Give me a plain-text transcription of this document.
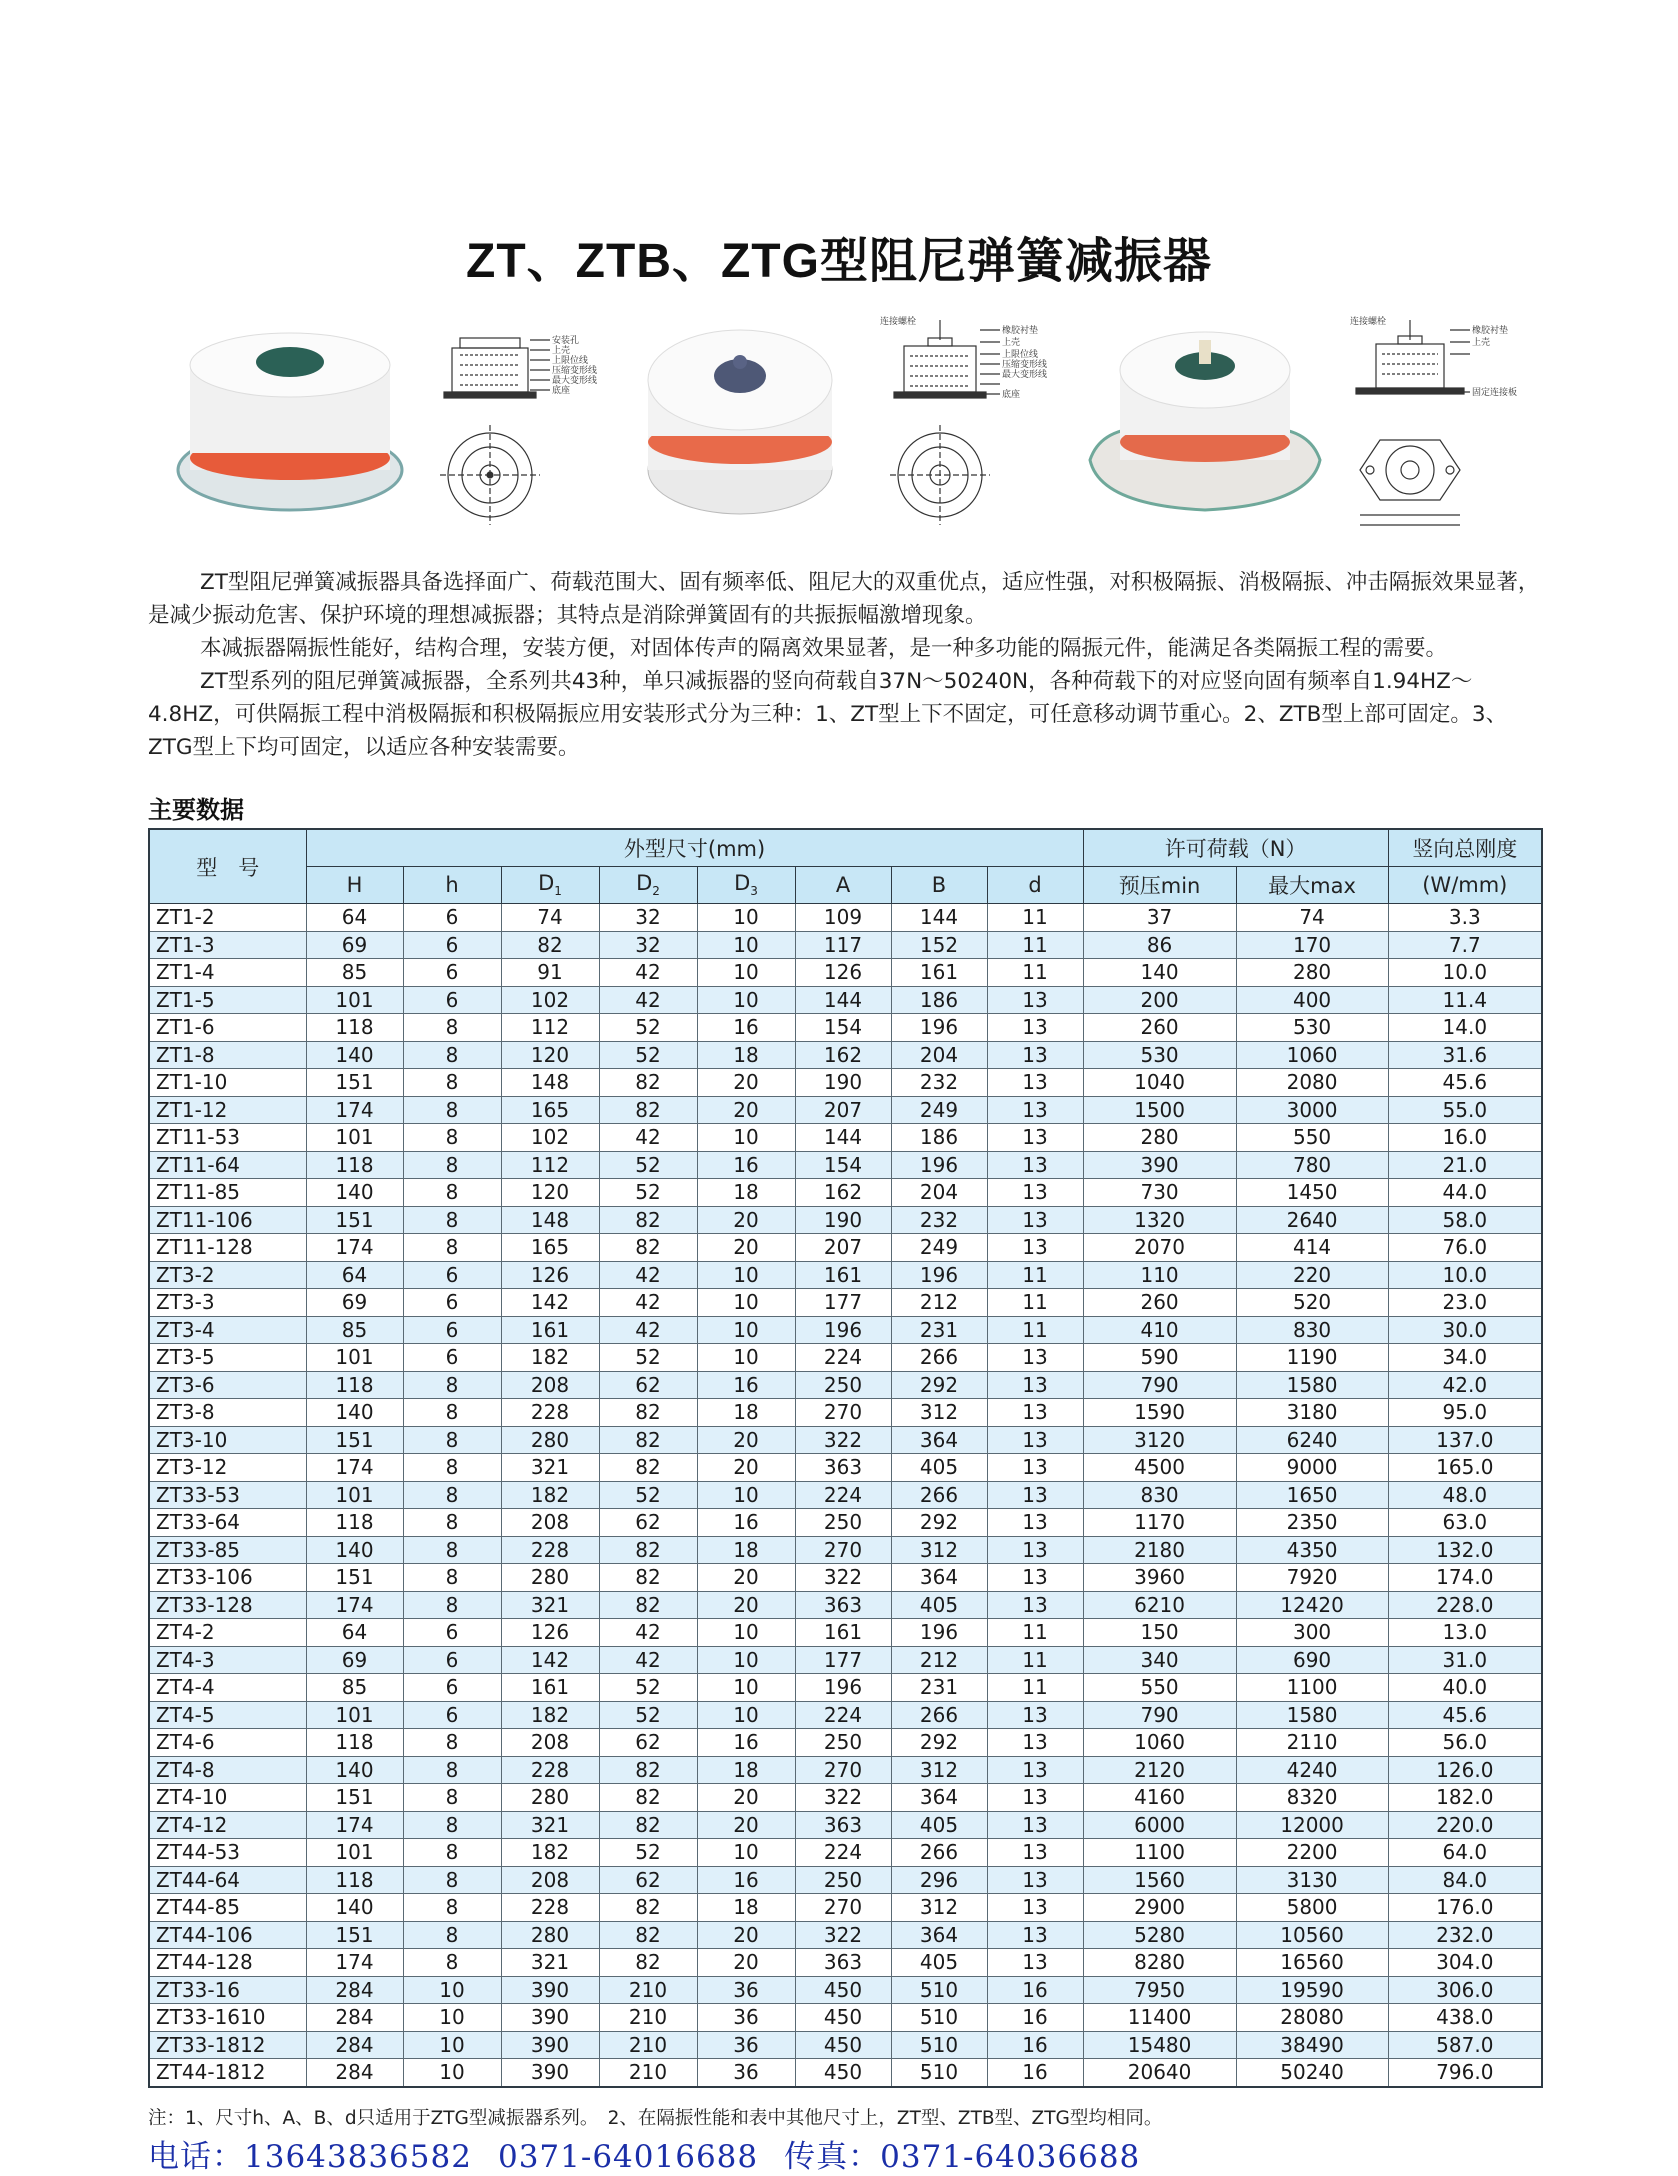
ZT、ZTB、ZTG型阻尼弹簧减振器
安装孔
上壳
上限位线
压缩变形线
最大变形线
底座
连接螺栓
橡胶衬垫
上壳
上限位线
压缩变形线
最大变形线
底座
连接螺栓
橡胶衬垫
上壳
固定连接板

ZT型阻尼弹簧减振器具备选择面广、荷载范围大、固有频率低、阻尼大的双重优点，适应性强，对积极隔振、消极隔振、冲击隔振效果显著，是减少振动危害、保护环境的理想减振器；其特点是消除弹簧固有的共振振幅激增现象。

本减振器隔振性能好，结构合理，安装方便，对固体传声的隔离效果显著，是一种多功能的隔振元件，能满足各类隔振工程的需要。

ZT型系列的阻尼弹簧减振器，全系列共43种，单只减振器的竖向荷载自37N～50240N，各种荷载下的对应竖向固有频率自1.94HZ～4.8HZ，可供隔振工程中消极隔振和积极隔振应用安装形式分为三种：1、ZT型上下不固定，可任意移动调节重心。2、ZTB型上部可固定。3、ZTG型上下均可固定，以适应各种安装需要。

主要数据
型　号	外型尺寸(mm)								许可荷载（N）		竖向总刚度
	H	h	$D_1$	$D_2$	$D_3$	A	B	d	预压min	最大max	(W/mm)
ZT1-2	64	6	74	32	10	109	144	11	37	74	3.3
ZT1-3	69	6	82	32	10	117	152	11	86	170	7.7
ZT1-4	85	6	91	42	10	126	161	11	140	280	10.0
ZT1-5	101	6	102	42	10	144	186	13	200	400	11.4
ZT1-6	118	8	112	52	16	154	196	13	260	530	14.0
ZT1-8	140	8	120	52	18	162	204	13	530	1060	31.6
ZT1-10	151	8	148	82	20	190	232	13	1040	2080	45.6
ZT1-12	174	8	165	82	20	207	249	13	1500	3000	55.0
ZT11-53	101	8	102	42	10	144	186	13	280	550	16.0
ZT11-64	118	8	112	52	16	154	196	13	390	780	21.0
ZT11-85	140	8	120	52	18	162	204	13	730	1450	44.0
ZT11-106	151	8	148	82	20	190	232	13	1320	2640	58.0
ZT11-128	174	8	165	82	20	207	249	13	2070	414	76.0
ZT3-2	64	6	126	42	10	161	196	11	110	220	10.0
ZT3-3	69	6	142	42	10	177	212	11	260	520	23.0
ZT3-4	85	6	161	42	10	196	231	11	410	830	30.0
ZT3-5	101	6	182	52	10	224	266	13	590	1190	34.0
ZT3-6	118	8	208	62	16	250	292	13	790	1580	42.0
ZT3-8	140	8	228	82	18	270	312	13	1590	3180	95.0
ZT3-10	151	8	280	82	20	322	364	13	3120	6240	137.0
ZT3-12	174	8	321	82	20	363	405	13	4500	9000	165.0
ZT33-53	101	8	182	52	10	224	266	13	830	1650	48.0
ZT33-64	118	8	208	62	16	250	292	13	1170	2350	63.0
ZT33-85	140	8	228	82	18	270	312	13	2180	4350	132.0
ZT33-106	151	8	280	82	20	322	364	13	3960	7920	174.0
ZT33-128	174	8	321	82	20	363	405	13	6210	12420	228.0
ZT4-2	64	6	126	42	10	161	196	11	150	300	13.0
ZT4-3	69	6	142	42	10	177	212	11	340	690	31.0
ZT4-4	85	6	161	52	10	196	231	11	550	1100	40.0
ZT4-5	101	6	182	52	10	224	266	13	790	1580	45.6
ZT4-6	118	8	208	62	16	250	292	13	1060	2110	56.0
ZT4-8	140	8	228	82	18	270	312	13	2120	4240	126.0
ZT4-10	151	8	280	82	20	322	364	13	4160	8320	182.0
ZT4-12	174	8	321	82	20	363	405	13	6000	12000	220.0
ZT44-53	101	8	182	52	10	224	266	13	1100	2200	64.0
ZT44-64	118	8	208	62	16	250	296	13	1560	3130	84.0
ZT44-85	140	8	228	82	18	270	312	13	2900	5800	176.0
ZT44-106	151	8	280	82	20	322	364	13	5280	10560	232.0
ZT44-128	174	8	321	82	20	363	405	13	8280	16560	304.0
ZT33-16	284	10	390	210	36	450	510	16	7950	19590	306.0
ZT33-1610	284	10	390	210	36	450	510	16	11400	28080	438.0
ZT33-1812	284	10	390	210	36	450	510	16	15480	38490	587.0
ZT44-1812	284	10	390	210	36	450	510	16	20640	50240	796.0
注：1、尺寸h、A、B、d只适用于ZTG型减振器系列。　2、在隔振性能和表中其他尺寸上，ZT型、ZTB型、ZTG型均相同。
电话：13643836582 0371-64016688 传真：0371-64036688
